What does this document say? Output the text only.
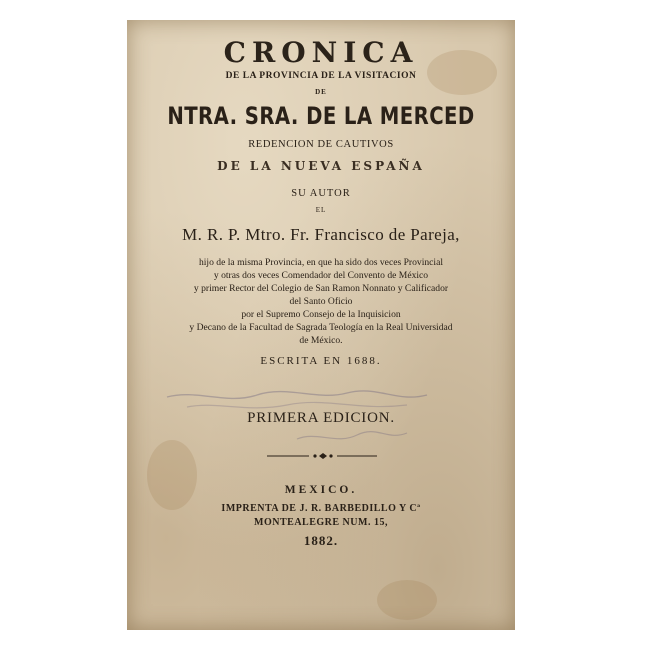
CRONICA
DE LA PROVINCIA DE LA VISITACION
DE
NTRA. SRA. DE LA MERCED
REDENCION DE CAUTIVOS
DE LA NUEVA ESPAÑA
SU AUTOR
EL
M. R. P. Mtro. Fr. Francisco de Pareja,
hijo de la misma Provincia, en que ha sido dos veces Provincial
y otras dos veces Comendador del Convento de México
y primer Rector del Colegio de San Ramon Nonnato y Calificador
del Santo Oficio
por el Supremo Consejo de la Inquisicion
y Decano de la Facultad de Sagrada Teología en la Real Universidad
de México.
ESCRITA EN 1688.
PRIMERA EDICION.
MEXICO.
IMPRENTA DE J. R. BARBEDILLO Y Cª
MONTEALEGRE NUM. 15,
1882.
